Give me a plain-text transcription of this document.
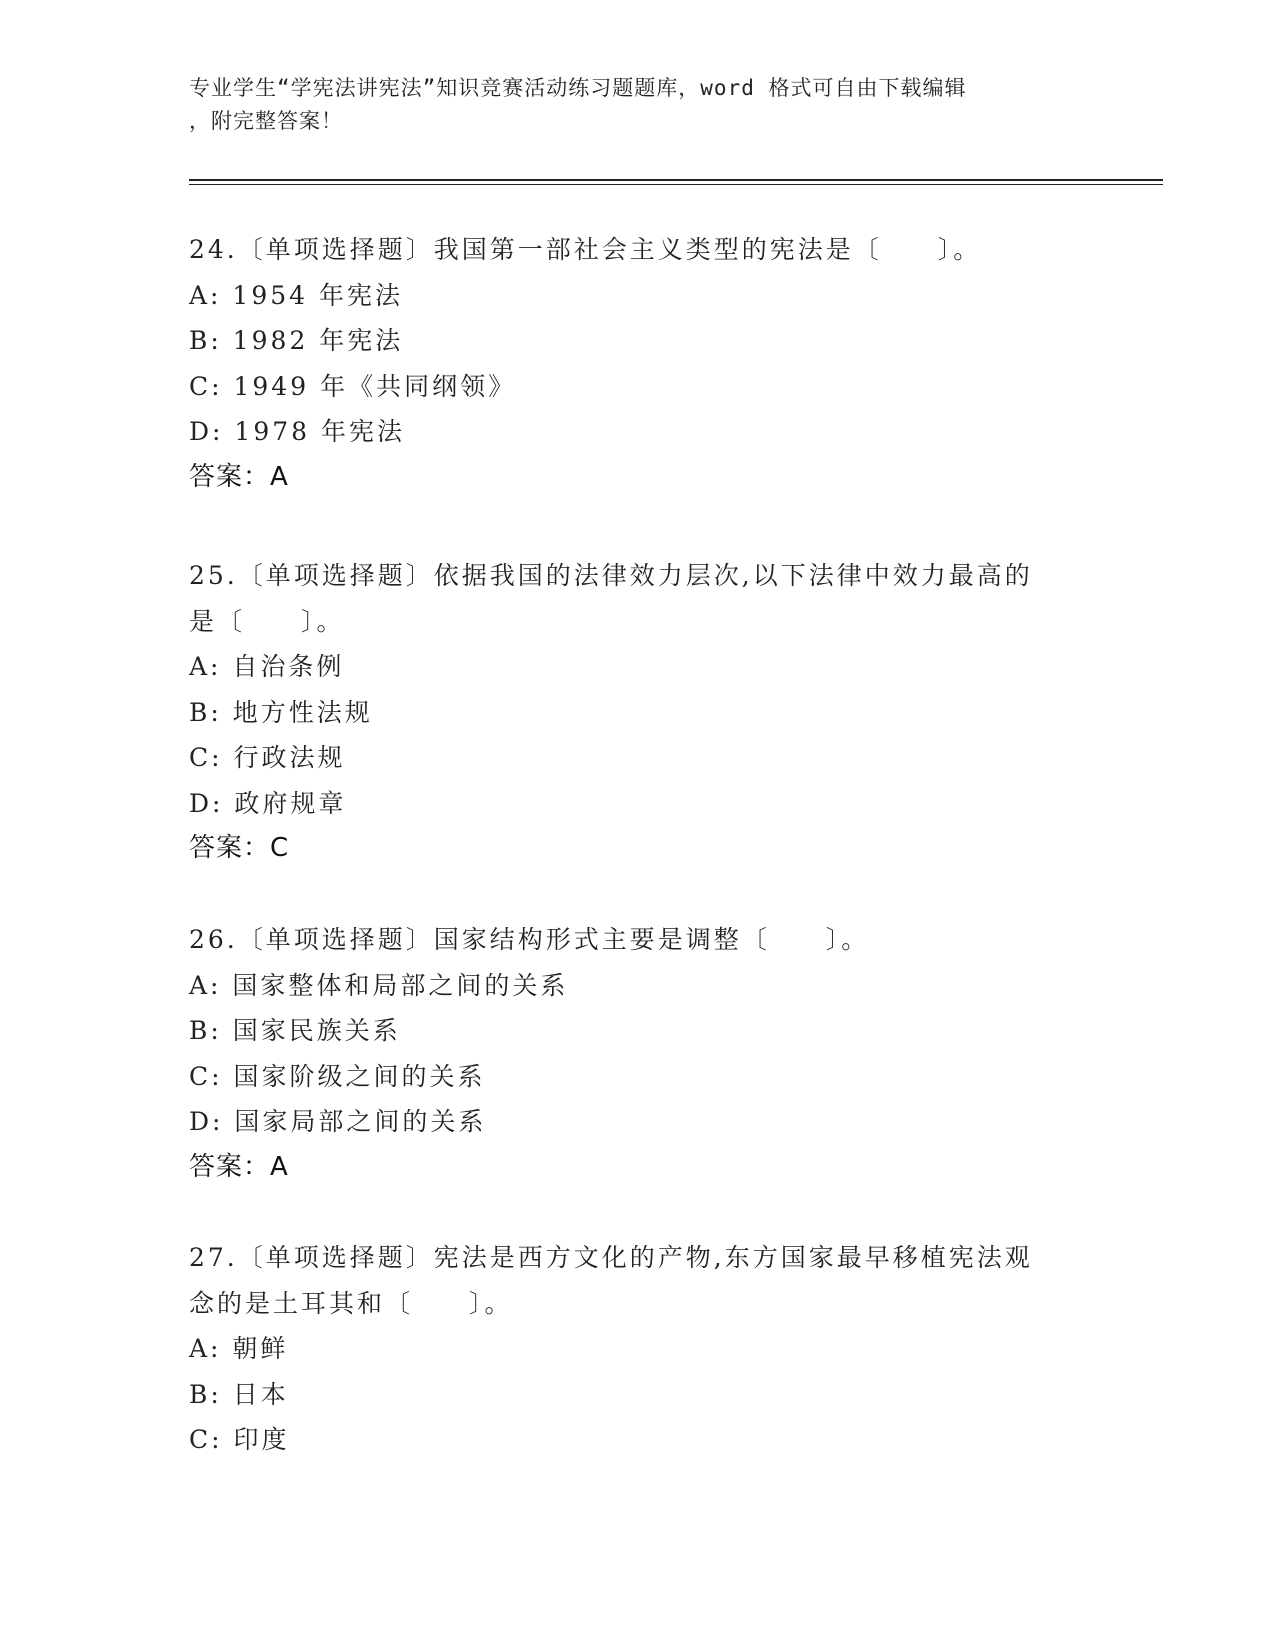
专业学生“学宪法讲宪法”知识竞赛活动练习题题库，word 格式可自由下载编辑
，附完整答案！
24.〔单项选择题〕我国第一部社会主义类型的宪法是〔　　〕。
A: 1954 年宪法
B: 1982 年宪法
C: 1949 年《共同纲领》
D: 1978 年宪法
答案：A
25.〔单项选择题〕依据我国的法律效力层次,以下法律中效力最高的
是〔　　〕。
A: 自治条例
B: 地方性法规
C: 行政法规
D: 政府规章
答案：C
26.〔单项选择题〕国家结构形式主要是调整〔　　〕。
A: 国家整体和局部之间的关系
B: 国家民族关系
C: 国家阶级之间的关系
D: 国家局部之间的关系
答案：A
27.〔单项选择题〕宪法是西方文化的产物,东方国家最早移植宪法观
念的是土耳其和〔　　〕。
A: 朝鲜
B: 日本
C: 印度
